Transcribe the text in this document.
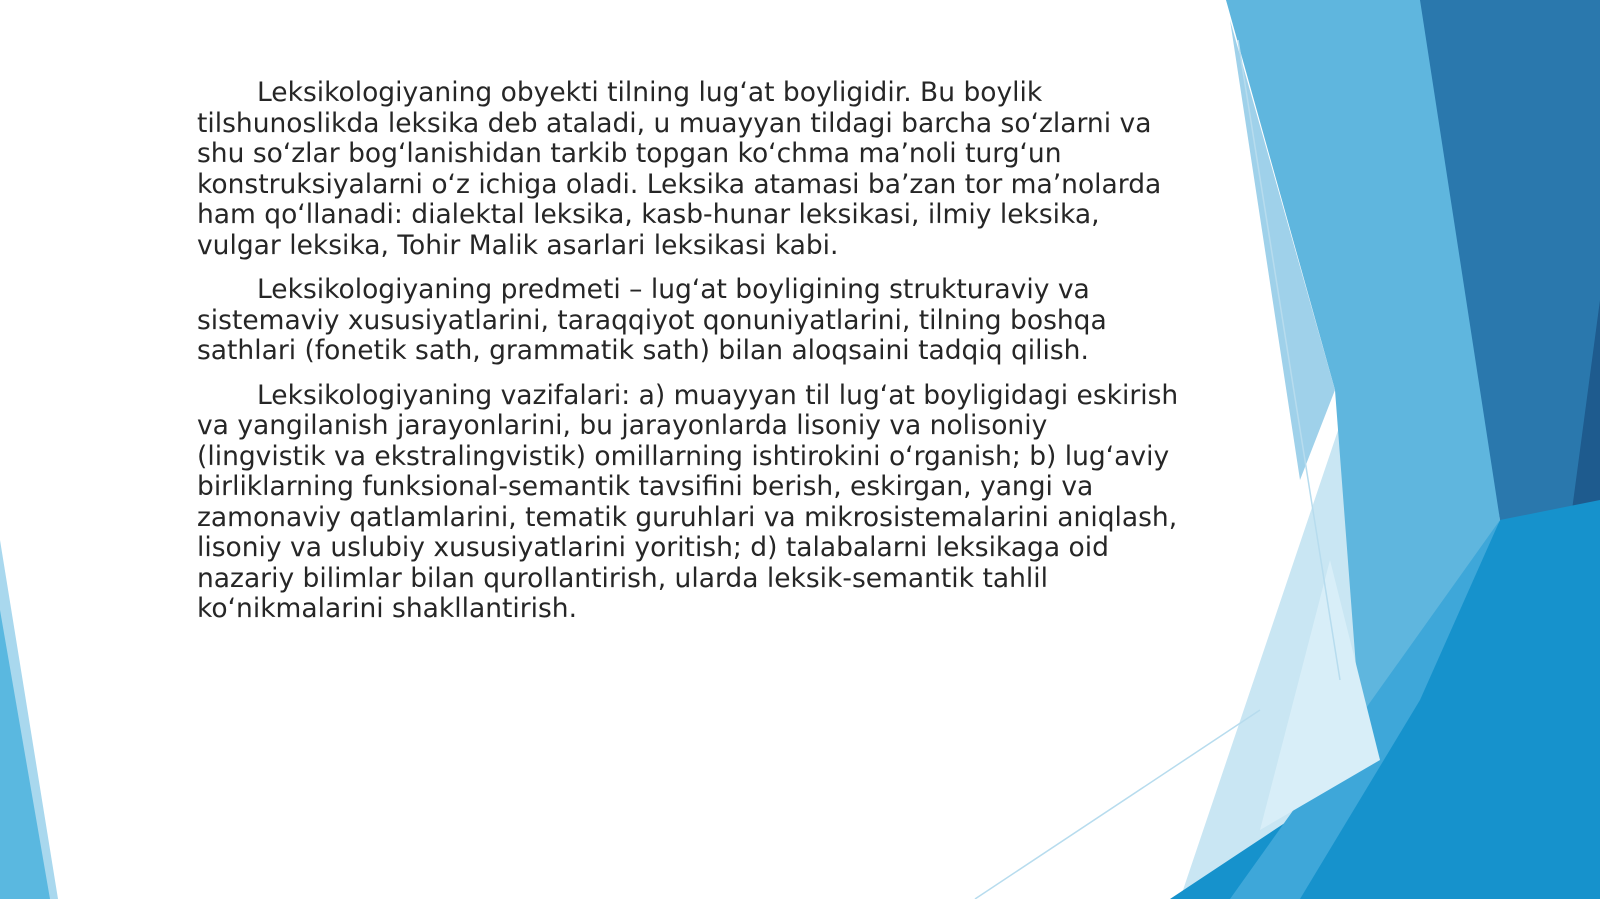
Leksikologiyaning obyekti tilning lug‘at boyligidir. Bu boylik tilshunoslikda leksika deb ataladi, u muayyan tildagi barcha so‘zlarni va shu so‘zlar bog‘lanishidan tarkib topgan ko‘chma ma’noli turg‘un konstruksiyalarni o‘z ichiga oladi. Leksika atamasi ba’zan tor ma’nolarda ham qo‘llanadi: dialektal leksika, kasb-hunar leksikasi, ilmiy leksika, vulgar leksika, Tohir Malik asarlari leksikasi kabi.

Leksikologiyaning predmeti – lug‘at boyligining strukturaviy va sistemaviy xususiyatlarini, taraqqiyot qonuniyatlarini, tilning boshqa sathlari (fonetik sath, grammatik sath) bilan aloqsaini tadqiq qilish.

Leksikologiyaning vazifalari: a) muayyan til lug‘at boyligidagi eskirish va yangilanish jarayonlarini, bu jarayonlarda lisoniy va nolisoniy (lingvistik va ekstralingvistik) omillarning ishtirokini o‘rganish; b) lug‘aviy birliklarning funksional-semantik tavsifini berish, eskirgan, yangi va zamonaviy qatlamlarini, tematik guruhlari va mikrosistemalarini aniqlash, lisoniy va uslubiy xususiyatlarini yoritish; d) talabalarni leksikaga oid nazariy bilimlar bilan qurollantirish, ularda leksik-semantik tahlil ko‘nikmalarini shakllantirish.
